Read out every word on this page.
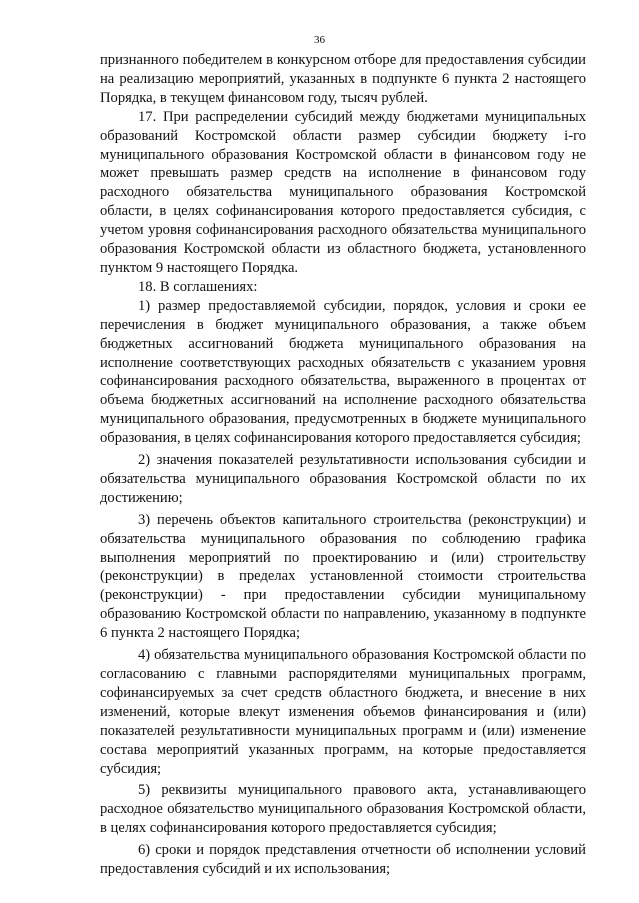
36

признанного победителем в конкурсном отборе для предоставления субсидии на реализацию мероприятий, указанных в подпункте 6 пункта 2 настоящего Порядка, в текущем финансовом году, тысяч рублей.

17. При распределении субсидий между бюджетами муниципальных образований Костромской области размер субсидии бюджету i-го муниципального образования Костромской области в финансовом году не может превышать размер средств на исполнение в финансовом году расходного обязательства муниципального образования Костромской области, в целях софинансирования которого предоставляется субсидия, с учетом уровня софинансирования расходного обязательства муниципального образования Костромской области из областного бюджета, установленного пунктом 9 настоящего Порядка.

18. В соглашениях:

1) размер предоставляемой субсидии, порядок, условия и сроки ее перечисления в бюджет муниципального образования, а также объем бюджетных ассигнований бюджета муниципального образования на исполнение соответствующих расходных обязательств с указанием уровня софинансирования расходного обязательства, выраженного в процентах от объема бюджетных ассигнований на исполнение расходного обязательства муниципального образования, предусмотренных в бюджете муниципального образования, в целях софинансирования которого предоставляется субсидия;

2) значения показателей результативности использования субсидии и обязательства муниципального образования Костромской области по их достижению;

3) перечень объектов капитального строительства (реконструкции) и обязательства муниципального образования по соблюдению графика выполнения мероприятий по проектированию и (или) строительству (реконструкции) в пределах установленной стоимости строительства (реконструкции) - при предоставлении субсидии муниципальному образованию Костромской области по направлению, указанному в подпункте 6 пункта 2 настоящего Порядка;

4) обязательства муниципального образования Костромской области по согласованию с главными распорядителями муниципальных программ, софинансируемых за счет средств областного бюджета, и внесение в них изменений, которые влекут изменения объемов финансирования и (или) показателей результативности муниципальных программ и (или) изменение состава мероприятий указанных программ, на которые предоставляется субсидия;

5) реквизиты муниципального правового акта, устанавливающего расходное обязательство муниципального образования Костромской области, в целях софинансирования которого предоставляется субсидия;

6) сроки и порядок представления отчетности об исполнении условий предоставления субсидий и их использования;
